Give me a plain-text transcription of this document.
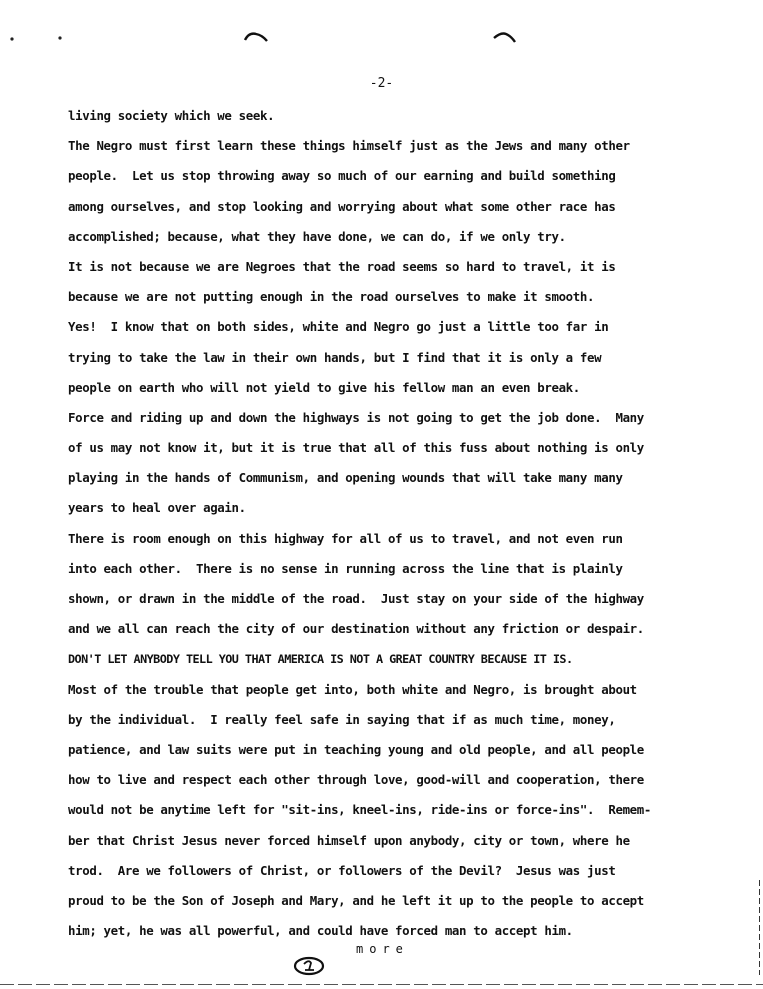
-2-
living society which we seek.
The Negro must first learn these things himself just as the Jews and many other
people.  Let us stop throwing away so much of our earning and build something
among ourselves, and stop looking and worrying about what some other race has
accomplished; because, what they have done, we can do, if we only try.
It is not because we are Negroes that the road seems so hard to travel, it is
because we are not putting enough in the road ourselves to make it smooth.
Yes!  I know that on both sides, white and Negro go just a little too far in
trying to take the law in their own hands, but I find that it is only a few
people on earth who will not yield to give his fellow man an even break.
Force and riding up and down the highways is not going to get the job done.  Many
of us may not know it, but it is true that all of this fuss about nothing is only
playing in the hands of Communism, and opening wounds that will take many many
years to heal over again.
There is room enough on this highway for all of us to travel, and not even run
into each other.  There is no sense in running across the line that is plainly
shown, or drawn in the middle of the road.  Just stay on your side of the highway
and we all can reach the city of our destination without any friction or despair.
DON'T LET ANYBODY TELL YOU THAT AMERICA IS NOT A GREAT COUNTRY BECAUSE IT IS.
Most of the trouble that people get into, both white and Negro, is brought about
by the individual.  I really feel safe in saying that if as much time, money,
patience, and law suits were put in teaching young and old people, and all people
how to live and respect each other through love, good-will and cooperation, there
would not be anytime left for "sit-ins, kneel-ins, ride-ins or force-ins".  Remem-
ber that Christ Jesus never forced himself upon anybody, city or town, where he
trod.  Are we followers of Christ, or followers of the Devil?  Jesus was just
proud to be the Son of Joseph and Mary, and he left it up to the people to accept
him; yet, he was all powerful, and could have forced man to accept him.
more
